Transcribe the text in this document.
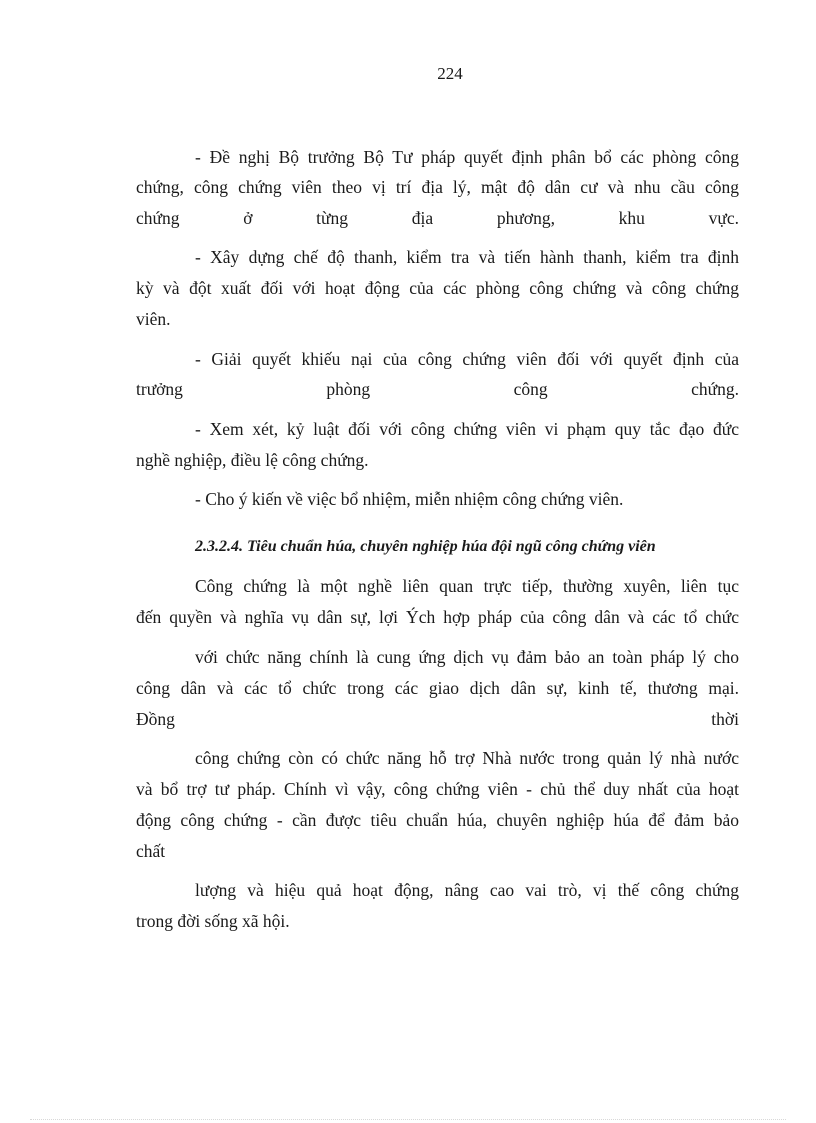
224
- Đề nghị Bộ trưởng Bộ Tư pháp quyết định phân bổ các phòng công
chứng, công chứng viên theo vị trí địa lý, mật độ dân cư và nhu cầu công
chứng ở từng địa phương, khu vực.
- Xây dựng chế độ thanh, kiểm tra và tiến hành thanh, kiểm tra định
kỳ và đột xuất đối với hoạt động của các phòng công chứng và công chứng
viên.
- Giải quyết khiếu nại của công chứng viên đối với quyết định của
trưởng phòng công chứng.
- Xem xét, kỷ luật đối với công chứng viên vi phạm quy tắc đạo đức
nghề nghiệp, điều lệ công chứng.
- Cho ý kiến về việc bổ nhiệm, miễn nhiệm công chứng viên.
2.3.2.4. Tiêu chuẩn húa, chuyên nghiệp húa đội ngũ công chứng viên
Công chứng là một nghề liên quan trực tiếp, thường xuyên, liên tục
đến quyền và nghĩa vụ dân sự, lợi Ých hợp pháp của công dân và các tổ chức
với chức năng chính là cung ứng dịch vụ đảm bảo an toàn pháp lý cho
công dân và các tổ chức trong các giao dịch dân sự, kinh tế, thương mại.
Đồng thời
công chứng còn có chức năng hỗ trợ Nhà nước trong quản lý nhà nước
và bổ trợ tư pháp. Chính vì vậy, công chứng viên - chủ thể duy nhất của hoạt
động công chứng - cần được tiêu chuẩn húa, chuyên nghiệp húa để đảm bảo
chất
lượng và hiệu quả hoạt động, nâng cao vai trò, vị thế công chứng
trong đời sống xã hội.
